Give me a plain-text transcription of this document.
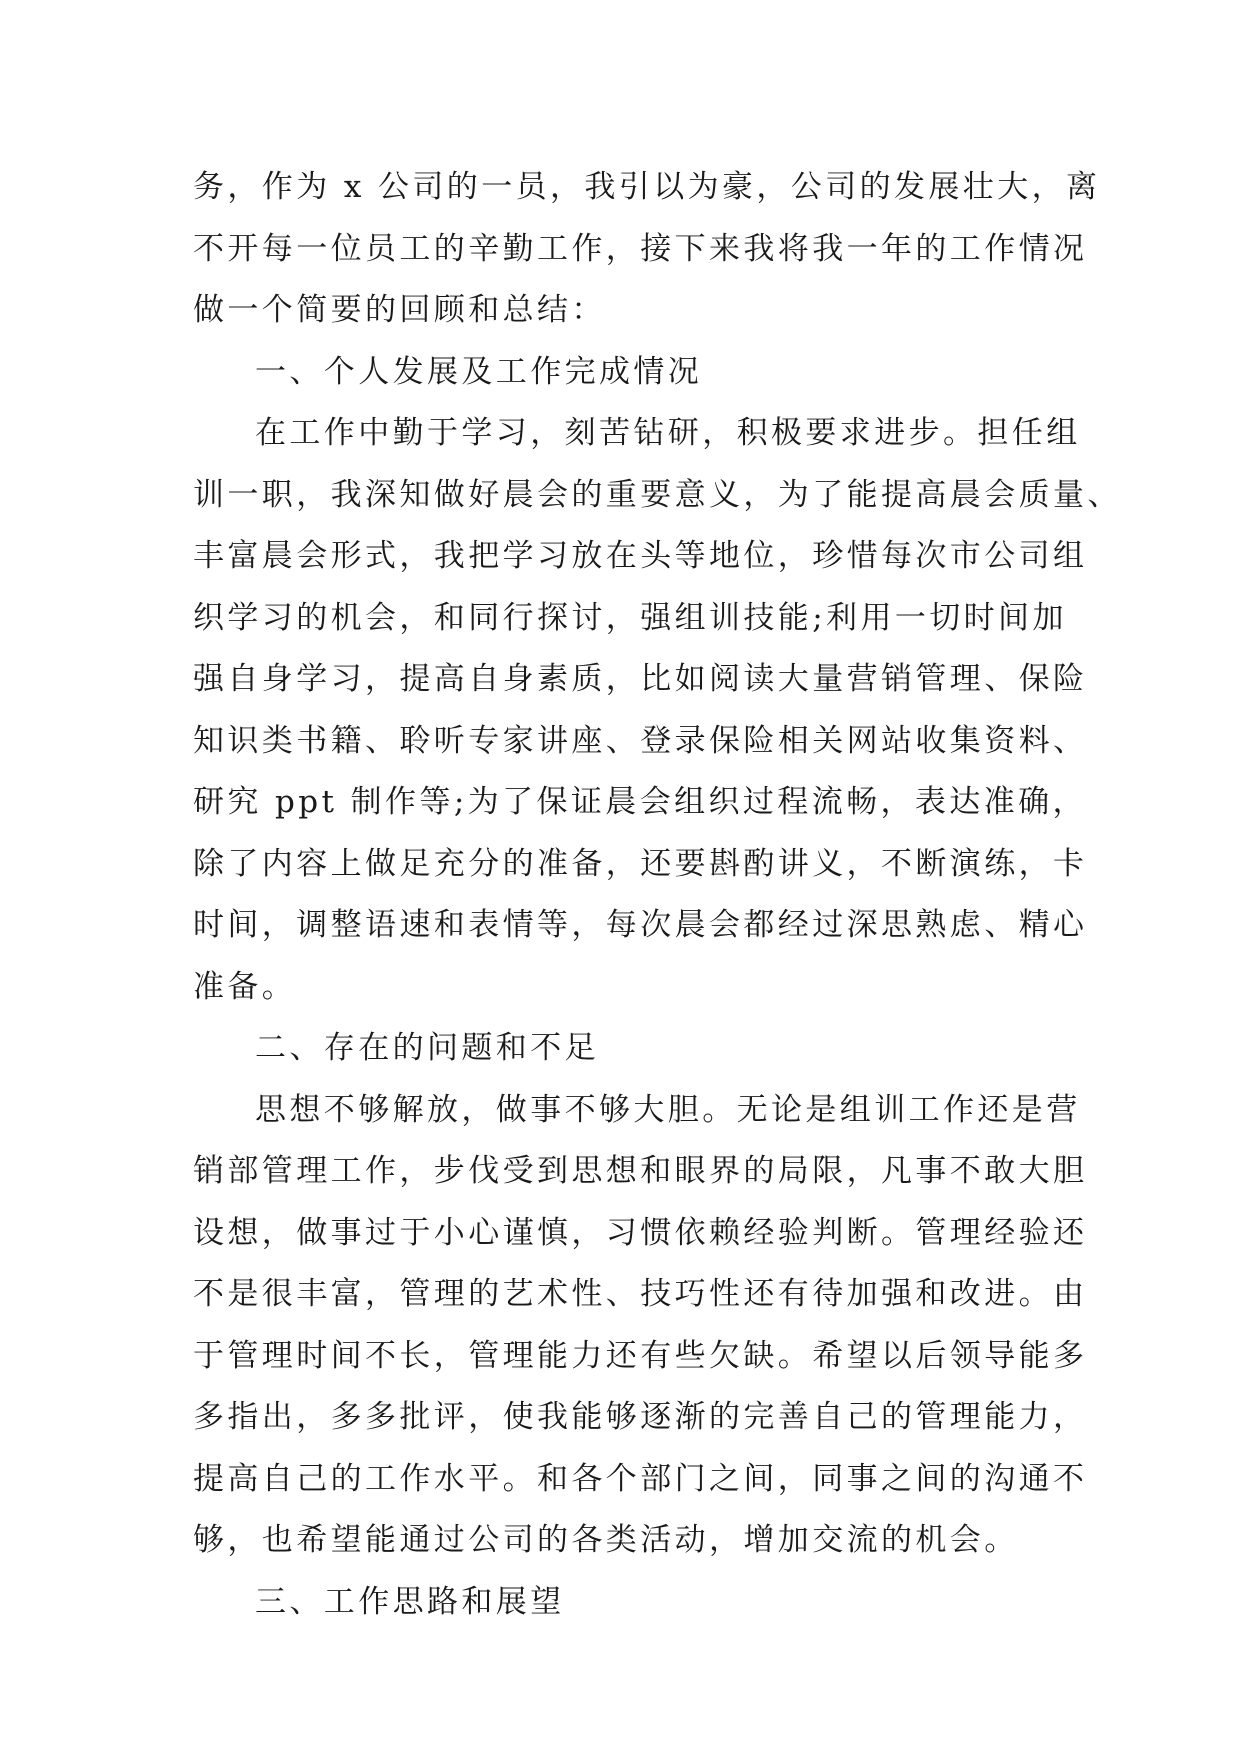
务，作为 x 公司的一员，我引以为豪，公司的发展壮大，离
不开每一位员工的辛勤工作，接下来我将我一年的工作情况
做一个简要的回顾和总结：
一、个人发展及工作完成情况
在工作中勤于学习，刻苦钻研，积极要求进步。担任组
训一职，我深知做好晨会的重要意义，为了能提高晨会质量、
丰富晨会形式，我把学习放在头等地位，珍惜每次市公司组
织学习的机会，和同行探讨，强组训技能;利用一切时间加
强自身学习，提高自身素质，比如阅读大量营销管理、保险
知识类书籍、聆听专家讲座、登录保险相关网站收集资料、
研究 ppt 制作等;为了保证晨会组织过程流畅，表达准确，
除了内容上做足充分的准备，还要斟酌讲义，不断演练，卡
时间，调整语速和表情等，每次晨会都经过深思熟虑、精心
准备。
二、存在的问题和不足
思想不够解放，做事不够大胆。无论是组训工作还是营
销部管理工作，步伐受到思想和眼界的局限，凡事不敢大胆
设想，做事过于小心谨慎，习惯依赖经验判断。管理经验还
不是很丰富，管理的艺术性、技巧性还有待加强和改进。由
于管理时间不长，管理能力还有些欠缺。希望以后领导能多
多指出，多多批评，使我能够逐渐的完善自己的管理能力，
提高自己的工作水平。和各个部门之间，同事之间的沟通不
够，也希望能通过公司的各类活动，增加交流的机会。
三、工作思路和展望
